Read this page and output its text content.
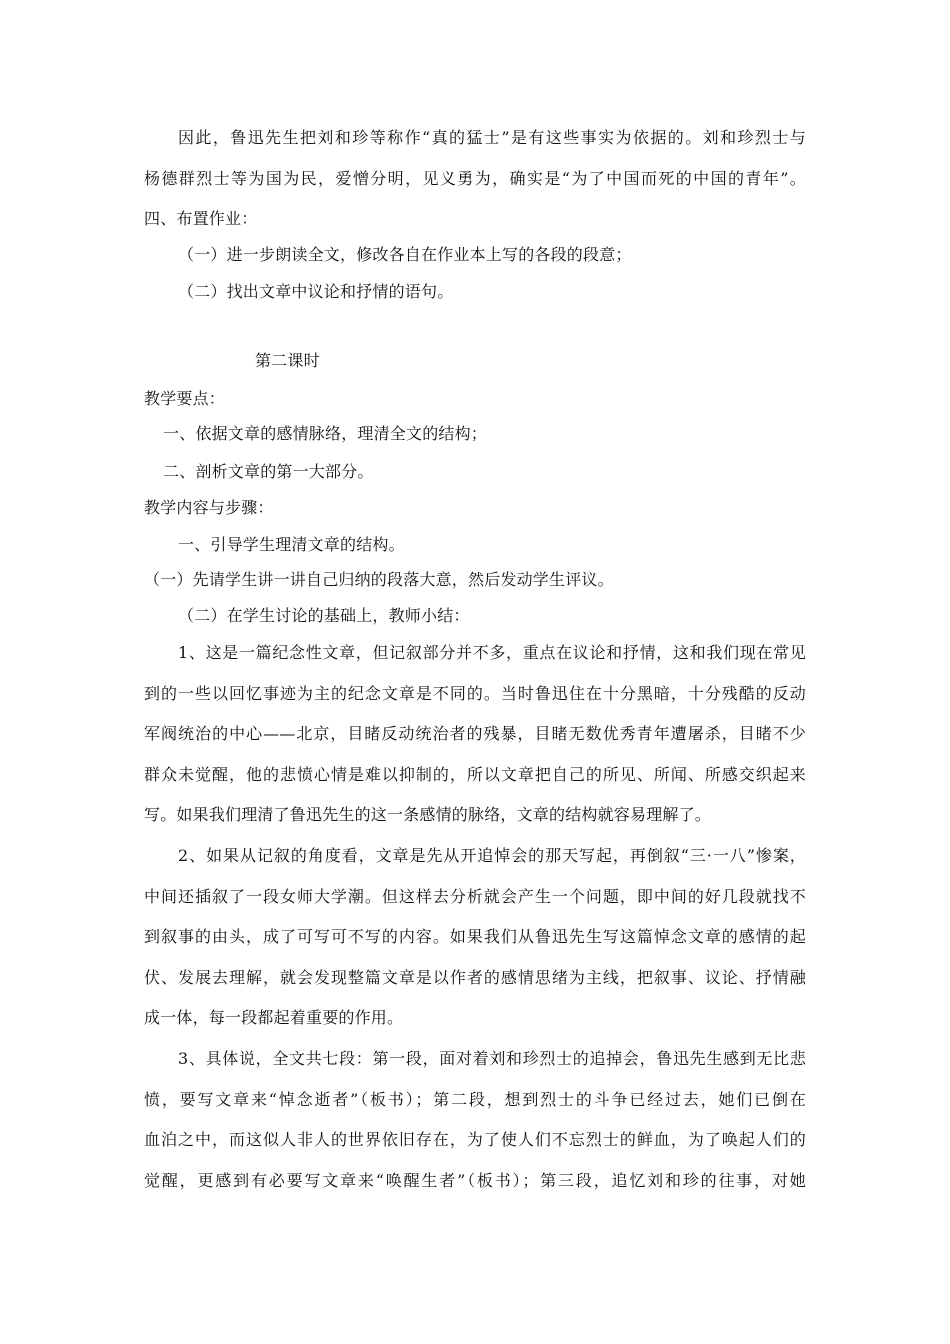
因此，鲁迅先生把刘和珍等称作“真的猛士”是有这些事实为依据的。刘和珍烈士与
杨德群烈士等为国为民，爱憎分明，见义勇为，确实是“为了中国而死的中国的青年”。
四、布置作业：
（一）进一步朗读全文，修改各自在作业本上写的各段的段意；
（二）找出文章中议论和抒情的语句。
第二课时
教学要点：
一、依据文章的感情脉络，理清全文的结构；
二、剖析文章的第一大部分。
教学内容与步骤：
一、引导学生理清文章的结构。
（一）先请学生讲一讲自己归纳的段落大意，然后发动学生评议。
（二）在学生讨论的基础上，教师小结：
1、这是一篇纪念性文章，但记叙部分并不多，重点在议论和抒情，这和我们现在常见
到的一些以回忆事迹为主的纪念文章是不同的。当时鲁迅住在十分黑暗，十分残酷的反动
军阀统治的中心——北京，目睹反动统治者的残暴，目睹无数优秀青年遭屠杀，目睹不少
群众未觉醒，他的悲愤心情是难以抑制的，所以文章把自己的所见、所闻、所感交织起来
写。如果我们理清了鲁迅先生的这一条感情的脉络，文章的结构就容易理解了。
2、如果从记叙的角度看，文章是先从开追悼会的那天写起，再倒叙“三·一八”惨案，
中间还插叙了一段女师大学潮。但这样去分析就会产生一个问题，即中间的好几段就找不
到叙事的由头，成了可写可不写的内容。如果我们从鲁迅先生写这篇悼念文章的感情的起
伏、发展去理解，就会发现整篇文章是以作者的感情思绪为主线，把叙事、议论、抒情融
成一体，每一段都起着重要的作用。
3、具体说，全文共七段：第一段，面对着刘和珍烈士的追掉会，鲁迅先生感到无比悲
愤，要写文章来“悼念逝者”（板书）；第二段，想到烈士的斗争已经过去，她们已倒在
血泊之中，而这似人非人的世界依旧存在，为了使人们不忘烈士的鲜血，为了唤起人们的
觉醒，更感到有必要写文章来“唤醒生者”（板书）；第三段，追忆刘和珍的往事，对她
